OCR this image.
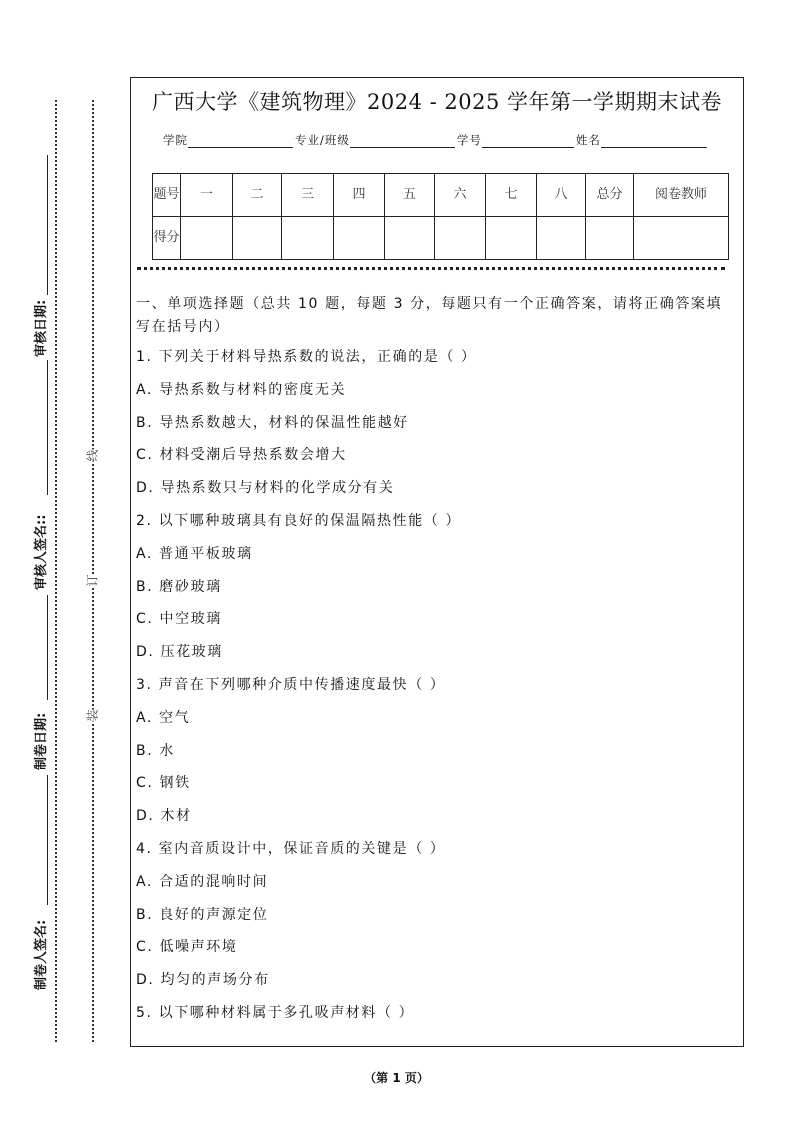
制卷人签名:
制卷日期:
审核人签名::
审核日期:
线
订
装
广西大学《建筑物理》2024 - 2025 学年第一学期期末试卷
学院	专业/班级	学号	姓名
题号	一	二	三	四	五	六	七	八	总分	阅卷教师
得分										
一、单项选择题（总共 10 题，每题 3 分，每题只有一个正确答案，请将正确答案填
写在括号内）
1. 下列关于材料导热系数的说法，正确的是（ ）
A. 导热系数与材料的密度无关
B. 导热系数越大，材料的保温性能越好
C. 材料受潮后导热系数会增大
D. 导热系数只与材料的化学成分有关
2. 以下哪种玻璃具有良好的保温隔热性能（ ）
A. 普通平板玻璃
B. 磨砂玻璃
C. 中空玻璃
D. 压花玻璃
3. 声音在下列哪种介质中传播速度最快（ ）
A. 空气
B. 水
C. 钢铁
D. 木材
4. 室内音质设计中，保证音质的关键是（ ）
A. 合适的混响时间
B. 良好的声源定位
C. 低噪声环境
D. 均匀的声场分布
5. 以下哪种材料属于多孔吸声材料（ ）
（第 1 页）
